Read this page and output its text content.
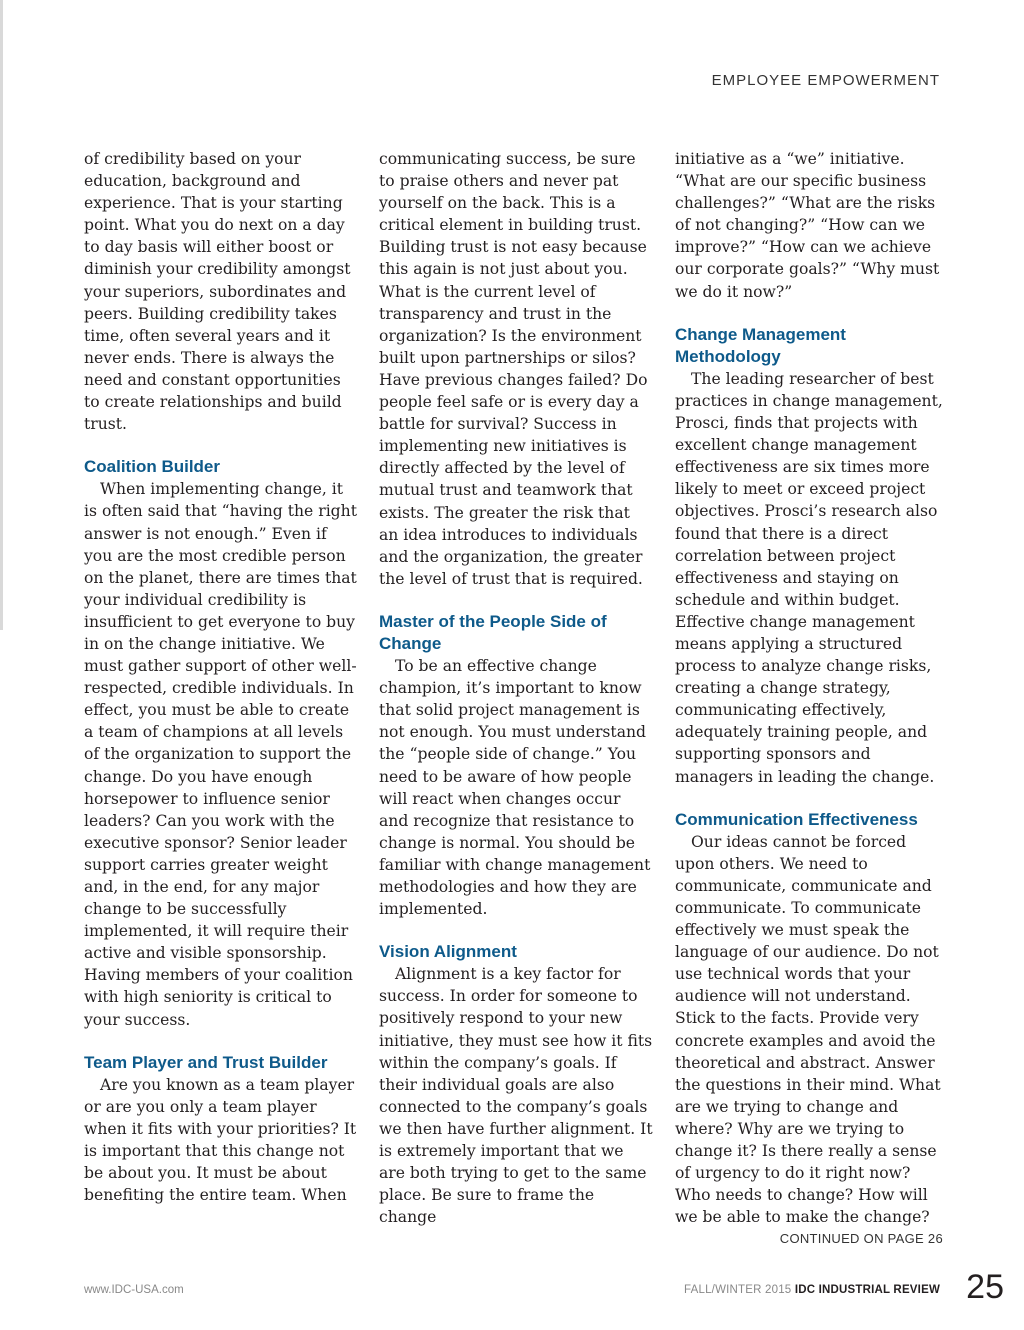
EMPLOYEE EMPOWERMENT

of credibility based on your education, background and experience. That is your starting point. What you do next on a day to day basis will either boost or diminish your credibility amongst your superiors, subordinates and peers. Building credibility takes time, often several years and it never ends. There is always the need and constant opportunities to create relationships and build trust.

Coalition Builder

When implementing change, it is often said that “having the right answer is not enough.” Even if you are the most credible person on the planet, there are times that your individual credibility is insufficient to get everyone to buy in on the change initiative. We must gather support of other well-respected, credible individuals. In effect, you must be able to create a team of champions at all levels of the organization to support the change. Do you have enough horsepower to influence senior leaders? Can you work with the executive sponsor? Senior leader support carries greater weight and, in the end, for any major change to be successfully implemented, it will require their active and visible sponsorship. Having members of your coalition with high seniority is critical to your success.

Team Player and Trust Builder

Are you known as a team player or are you only a team player when it fits with your priorities? It is important that this change not be about you. It must be about benefiting the entire team. When

communicating success, be sure to praise others and never pat yourself on the back. This is a critical element in building trust. Building trust is not easy because this again is not just about you. What is the current level of transparency and trust in the organization? Is the environment built upon partnerships or silos? Have previous changes failed? Do people feel safe or is every day a battle for survival? Success in implementing new initiatives is directly affected by the level of mutual trust and teamwork that exists. The greater the risk that an idea introduces to individuals and the organization, the greater the level of trust that is required.

Master of the People Side of Change

To be an effective change champion, it’s important to know that solid project management is not enough. You must understand the “people side of change.” You need to be aware of how people will react when changes occur and recognize that resistance to change is normal. You should be familiar with change management methodologies and how they are implemented.

Vision Alignment

Alignment is a key factor for success. In order for someone to positively respond to your new initiative, they must see how it fits within the company’s goals. If their individual goals are also connected to the company’s goals we then have further alignment. It is extremely important that we are both trying to get to the same place. Be sure to frame the change

initiative as a “we” initiative. “What are our specific business challenges?” “What are the risks of not changing?” “How can we improve?” “How can we achieve our corporate goals?” “Why must we do it now?”

Change Management Methodology

The leading researcher of best practices in change management, Prosci, finds that projects with excellent change management effectiveness are six times more likely to meet or exceed project objectives. Prosci’s research also found that there is a direct correlation between project effectiveness and staying on schedule and within budget. Effective change management means applying a structured process to analyze change risks, creating a change strategy, communicating effectively, adequately training people, and supporting sponsors and managers in leading the change.

Communication Effectiveness

Our ideas cannot be forced upon others. We need to communicate, communicate and communicate. To communicate effectively we must speak the language of our audience. Do not use technical words that your audience will not understand. Stick to the facts. Provide very concrete examples and avoid the theoretical and abstract. Answer the questions in their mind. What are we trying to change and where? Why are we trying to change it? Is there really a sense of urgency to do it right now? Who needs to change? How will we be able to make the change?

CONTINUED ON PAGE 26
www.IDC-USA.com	FALL/WINTER 2015 IDC INDUSTRIAL REVIEW 25
